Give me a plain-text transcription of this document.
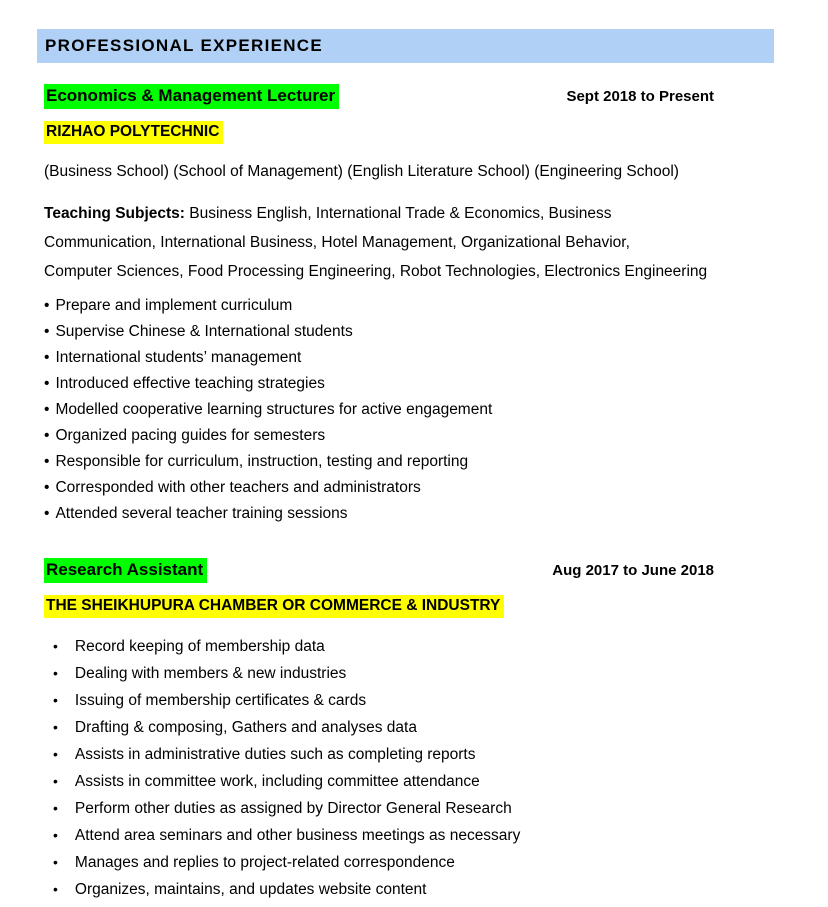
PROFESSIONAL EXPERIENCE
Economics & Management Lecturer	Sept 2018 to Present
RIZHAO POLYTECHNIC
(Business School) (School of Management) (English Literature School) (Engineering School)
Teaching Subjects: Business English, International Trade & Economics, Business
Communication, International Business, Hotel Management, Organizational Behavior,
Computer Sciences, Food Processing Engineering, Robot Technologies, Electronics Engineering
• Prepare and implement curriculum
• Supervise Chinese & International students
• International students’ management
• Introduced effective teaching strategies
• Modelled cooperative learning structures for active engagement
• Organized pacing guides for semesters
• Responsible for curriculum, instruction, testing and reporting
• Corresponded with other teachers and administrators
• Attended several teacher training sessions
Research Assistant	Aug 2017 to June 2018
THE SHEIKHUPURA CHAMBER OR COMMERCE & INDUSTRY
• Record keeping of membership data
• Dealing with members & new industries
• Issuing of membership certificates & cards
• Drafting & composing, Gathers and analyses data
• Assists in administrative duties such as completing reports
• Assists in committee work, including committee attendance
• Perform other duties as assigned by Director General Research
• Attend area seminars and other business meetings as necessary
• Manages and replies to project-related correspondence
• Organizes, maintains, and updates website content
